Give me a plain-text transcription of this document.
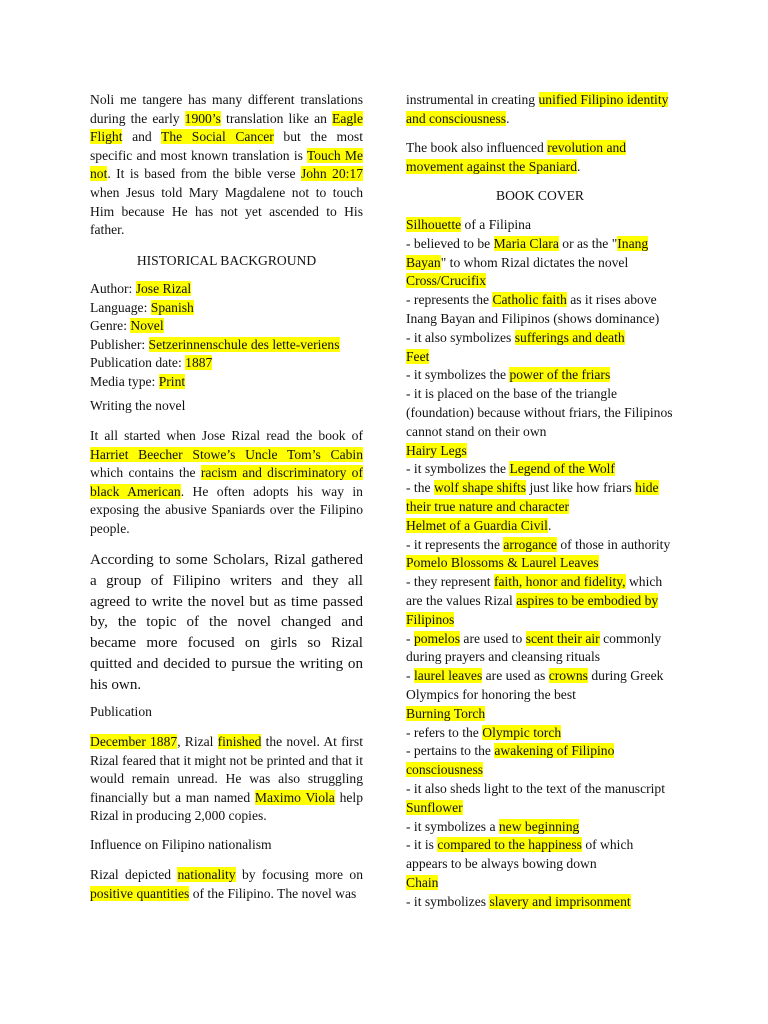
Noli me tangere has many different translations during the early 1900’s translation like an Eagle Flight and The Social Cancer but the most specific and most known translation is Touch Me not. It is based from the bible verse John 20:17 when Jesus told Mary Magdalene not to touch Him because He has not yet ascended to His father.

HISTORICAL BACKGROUND

Author: Jose Rizal
Language: Spanish
Genre: Novel
Publisher: Setzerinnenschule des lette-veriens
Publication date: 1887
Media type: Print

Writing the novel

It all started when Jose Rizal read the book of Harriet Beecher Stowe’s Uncle Tom’s Cabin which contains the racism and discriminatory of black American. He often adopts his way in exposing the abusive Spaniards over the Filipino people.

According to some Scholars, Rizal gathered a group of Filipino writers and they all agreed to write the novel but as time passed by, the topic of the novel changed and became more focused on girls so Rizal quitted and decided to pursue the writing on his own.

Publication

December 1887, Rizal finished the novel. At first Rizal feared that it might not be printed and that it would remain unread. He was also struggling financially but a man named Maximo Viola help Rizal in producing 2,000 copies.

Influence on Filipino nationalism

Rizal depicted nationality by focusing more on positive quantities of the Filipino. The novel was

instrumental in creating unified Filipino identity and consciousness.

The book also influenced revolution and movement against the Spaniard.

BOOK COVER

Silhouette of a Filipina
- believed to be Maria Clara or as the "Inang
Bayan" to whom Rizal dictates the novel
Cross/Crucifix
- represents the Catholic faith as it rises above
Inang Bayan and Filipinos (shows dominance)
- it also symbolizes sufferings and death
Feet
- it symbolizes the power of the friars
- it is placed on the base of the triangle
(foundation) because without friars, the Filipinos
cannot stand on their own
Hairy Legs
- it symbolizes the Legend of the Wolf
- the wolf shape shifts just like how friars hide
their true nature and character
Helmet of a Guardia Civil.
- it represents the arrogance of those in authority
Pomelo Blossoms & Laurel Leaves
- they represent faith, honor and fidelity, which
are the values Rizal aspires to be embodied by
Filipinos
- pomelos are used to scent their air commonly
during prayers and cleansing rituals
- laurel leaves are used as crowns during Greek
Olympics for honoring the best
Burning Torch
- refers to the Olympic torch
- pertains to the awakening of Filipino
consciousness
- it also sheds light to the text of the manuscript
Sunflower
- it symbolizes a new beginning
- it is compared to the happiness of which
appears to be always bowing down
Chain
- it symbolizes slavery and imprisonment
